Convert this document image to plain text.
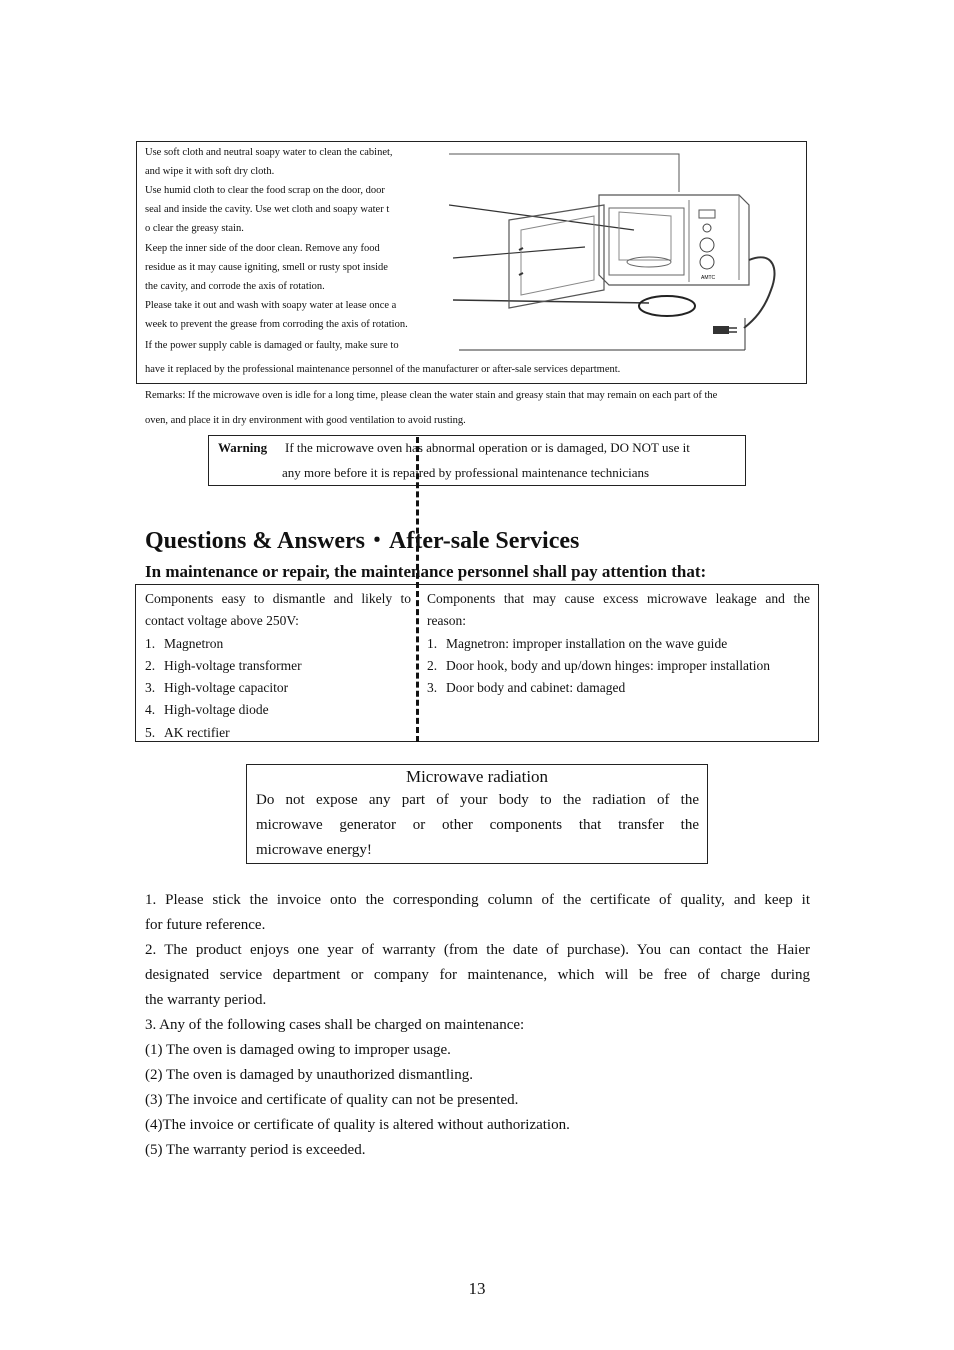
Use soft cloth and neutral soapy water to clean the cabinet,
and wipe it with soft dry cloth.
Use humid cloth to clear the food scrap on the door, door
seal and inside the cavity. Use wet cloth and soapy water t
o clear the greasy stain.
Keep the inner side of the door clean. Remove any food
residue as it may cause igniting, smell or rusty spot inside
the cavity, and corrode the axis of rotation.
Please take it out and wash with soapy water at lease once a
week to prevent the grease from corroding the axis of rotation.
If the power supply cable is damaged or faulty, make sure to
have it replaced by the professional maintenance personnel of the manufacturer or after-sale services department.
AMTC
Remarks: If the microwave oven is idle for a long time, please clean the water stain and greasy stain that may remain on each part of the
oven, and place it in dry environment with good ventilation to avoid rusting.
Warning If the microwave oven has abnormal operation or is damaged, DO NOT use it
any more before it is repaired by professional maintenance technicians
Questions & Answers・After-sale Services
In maintenance or repair, the maintenance personnel shall pay attention that:
Components easy to dismantle and likely to
contact voltage above 250V:
1. Magnetron
2. High-voltage transformer
3. High-voltage capacitor
4. High-voltage diode
5. AK rectifier
Components that may cause excess microwave leakage and the
reason:
1. Magnetron: improper installation on the wave guide
2. Door hook, body and up/down hinges: improper installation
3. Door body and cabinet: damaged
Microwave radiation
Do not expose any part of your body to the radiation of the
microwave generator or other components that transfer the
microwave energy!
1. Please stick the invoice onto the corresponding column of the certificate of quality, and keep it
for future reference.
2. The product enjoys one year of warranty (from the date of purchase). You can contact the Haier
designated service department or company for maintenance, which will be free of charge during
the warranty period.
3. Any of the following cases shall be charged on maintenance:
(1) The oven is damaged owing to improper usage.
(2) The oven is damaged by unauthorized dismantling.
(3) The invoice and certificate of quality can not be presented.
(4)The invoice or certificate of quality is altered without authorization.
(5) The warranty period is exceeded.
13
